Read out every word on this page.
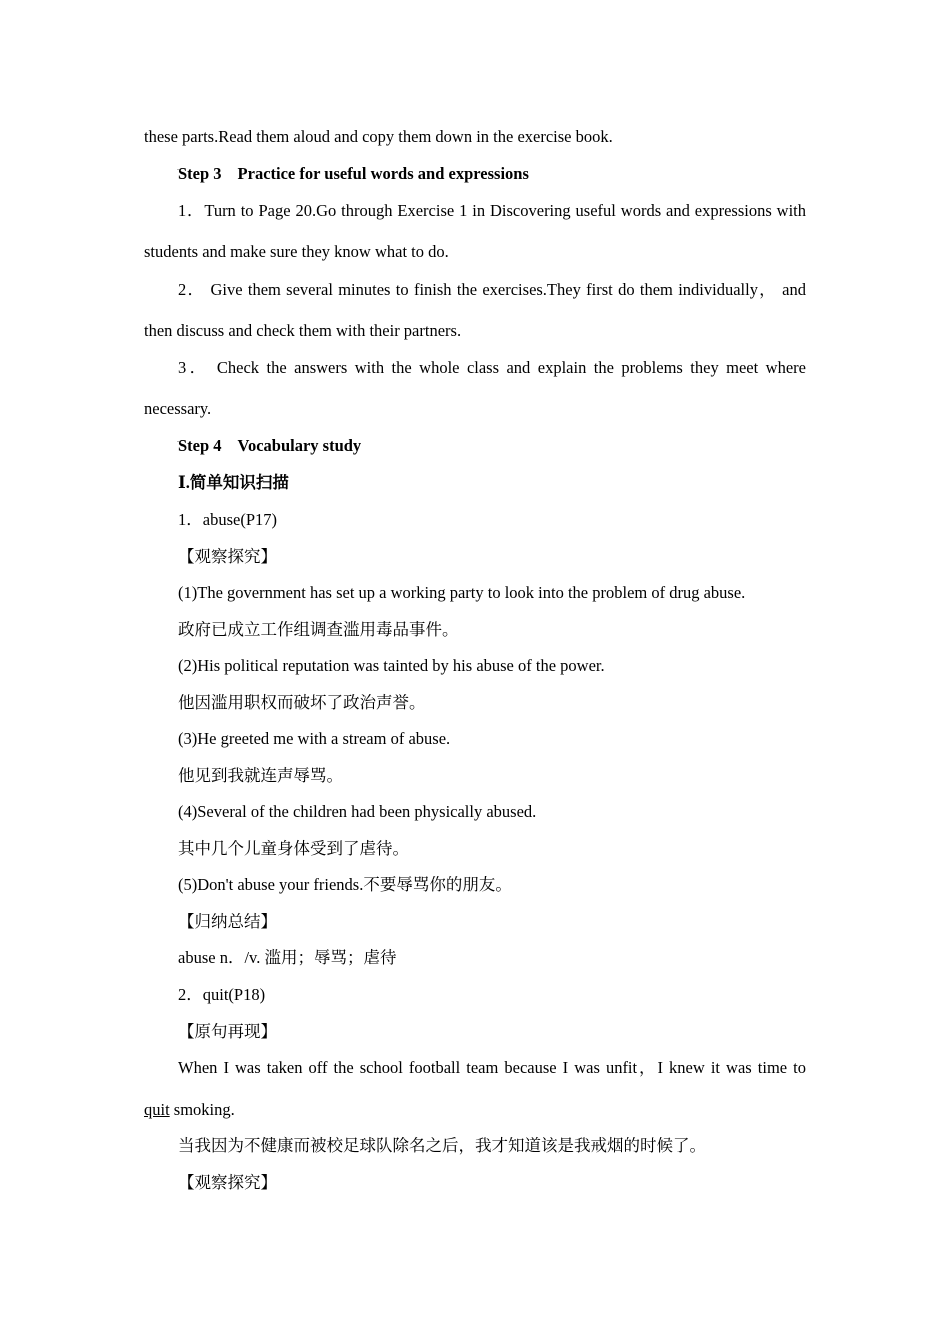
these parts.Read them aloud and copy them down in the exercise book.
Step 3 Practice for useful words and expressions
1．Turn to Page 20.Go through Exercise 1 in Discovering useful words and expressions with
students and make sure they know what to do.
2． Give them several minutes to finish the exercises.They first do them individually， and
then discuss and check them with their partners.
3． Check the answers with the whole class and explain the problems they meet where
necessary.
Step 4 Vocabulary study
Ⅰ.简单知识扫描
1．abuse(P17)
【观察探究】
(1)The government has set up a working party to look into the problem of drug abuse.
政府已成立工作组调查滥用毒品事件。
(2)His political reputation was tainted by his abuse of the power.
他因滥用职权而破坏了政治声誉。
(3)He greeted me with a stream of abuse.
他见到我就连声辱骂。
(4)Several of the children had been physically abused.
其中几个儿童身体受到了虐待。
(5)Don't abuse your friends.不要辱骂你的朋友。
【归纳总结】
abuse n．/v. 滥用；辱骂；虐待
2．quit(P18)
【原句再现】
When I was taken off the school football team because I was unfit，I knew it was time to
quit smoking.
当我因为不健康而被校足球队除名之后，我才知道该是我戒烟的时候了。
【观察探究】
